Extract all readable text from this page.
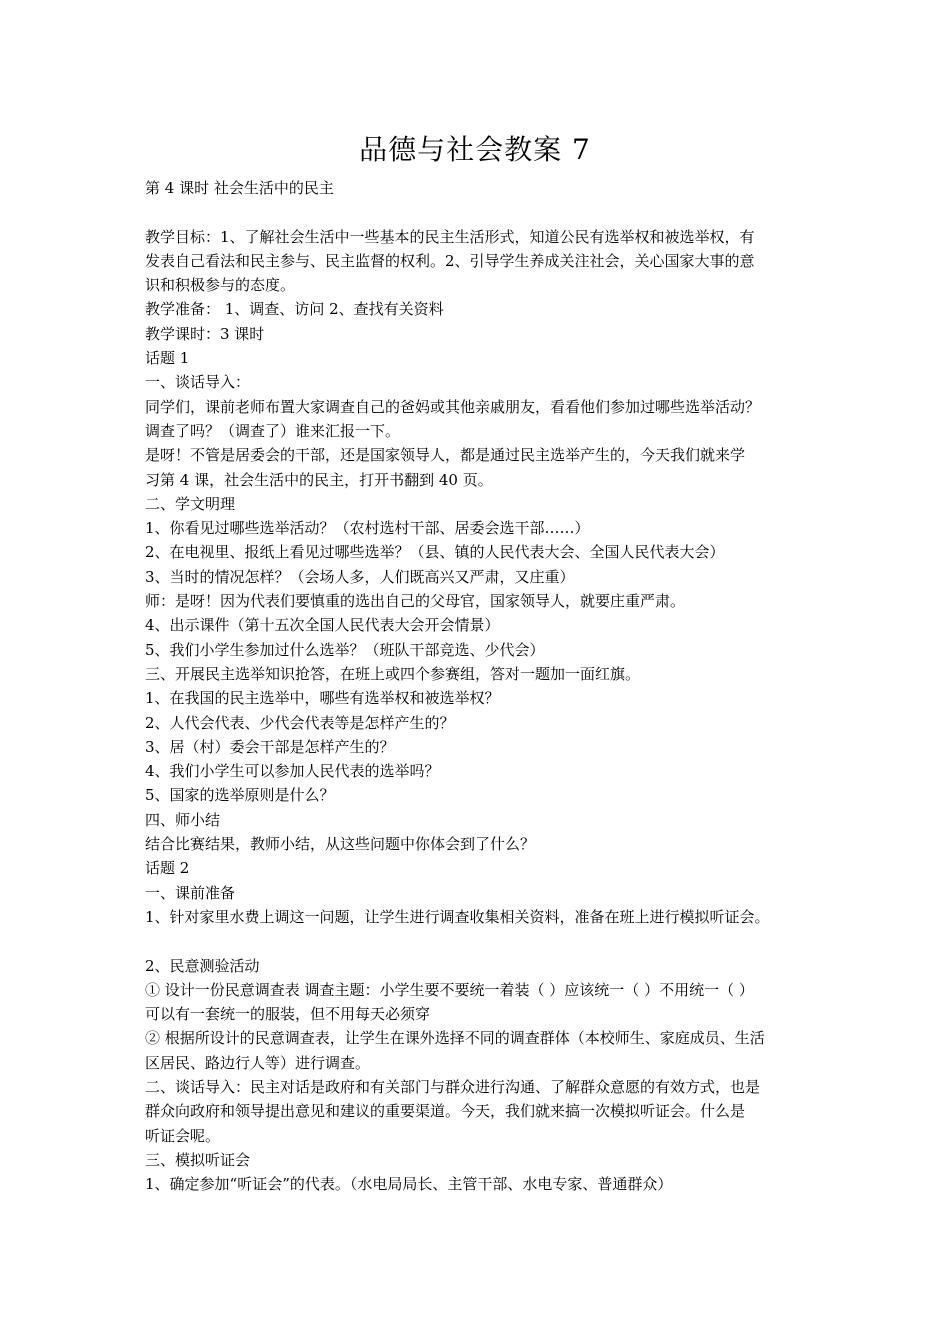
品德与社会教案 7
第 4 课时 社会生活中的民主
教学目标：1、了解社会生活中一些基本的民主生活形式，知道公民有选举权和被选举权，有
发表自己看法和民主参与、民主监督的权利。2、引导学生养成关注社会，关心国家大事的意
识和积极参与的态度。
教学准备： 1、调查、访问 2、查找有关资料
教学课时：3 课时
话题 1
一、谈话导入：
同学们，课前老师布置大家调查自己的爸妈或其他亲戚朋友，看看他们参加过哪些选举活动？
调查了吗？（调查了）谁来汇报一下。
是呀！不管是居委会的干部，还是国家领导人，都是通过民主选举产生的，今天我们就来学
习第 4 课，社会生活中的民主，打开书翻到 40 页。
二、学文明理
1、你看见过哪些选举活动？（农村选村干部、居委会选干部……）
2、在电视里、报纸上看见过哪些选举？（县、镇的人民代表大会、全国人民代表大会）
3、当时的情况怎样？（会场人多，人们既高兴又严肃，又庄重）
师：是呀！因为代表们要慎重的选出自己的父母官，国家领导人，就要庄重严肃。
4、出示课件（第十五次全国人民代表大会开会情景）
5、我们小学生参加过什么选举？（班队干部竞选、少代会）
三、开展民主选举知识抢答，在班上或四个参赛组，答对一题加一面红旗。
1、在我国的民主选举中，哪些有选举权和被选举权？
2、人代会代表、少代会代表等是怎样产生的？
3、居（村）委会干部是怎样产生的？
4、我们小学生可以参加人民代表的选举吗？
5、国家的选举原则是什么？
四、师小结
结合比赛结果，教师小结，从这些问题中你体会到了什么？
话题 2
一、课前准备
1、针对家里水费上调这一问题，让学生进行调查收集相关资料，准备在班上进行模拟听证会。
2、民意测验活动
① 设计一份民意调查表 调查主题：小学生要不要统一着装（ ）应该统一（ ）不用统一（ ）
可以有一套统一的服装，但不用每天必须穿
② 根据所设计的民意调查表，让学生在课外选择不同的调查群体（本校师生、家庭成员、生活
区居民、路边行人等）进行调查。
二、谈话导入：民主对话是政府和有关部门与群众进行沟通、了解群众意愿的有效方式，也是
群众向政府和领导提出意见和建议的重要渠道。今天，我们就来搞一次模拟听证会。什么是
听证会呢。
三、模拟听证会
1、确定参加“听证会”的代表。（水电局局长、主管干部、水电专家、普通群众）
